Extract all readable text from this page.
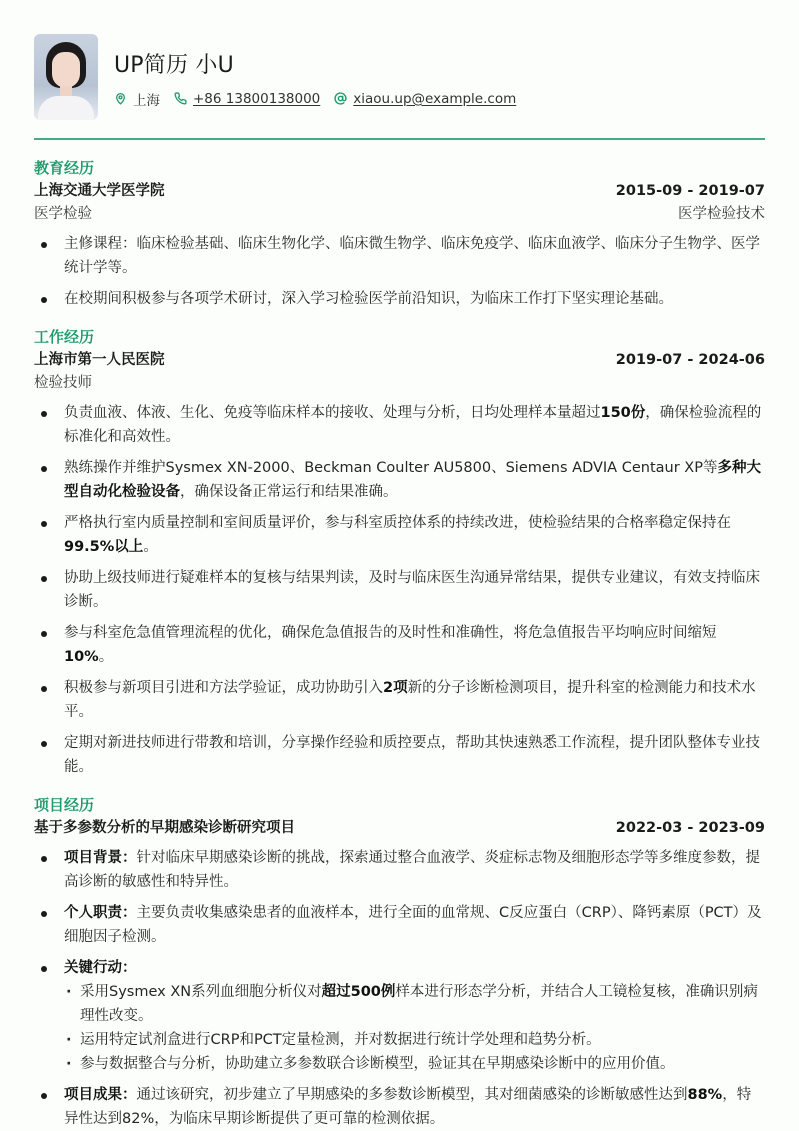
UP简历 小U
上海 +86 13800138000 xiaou.up@example.com
教育经历
上海交通大学医学院	2015-09 - 2019-07
医学检验	医学检验技术
主修课程：临床检验基础、临床生物化学、临床微生物学、临床免疫学、临床血液学、临床分子生物学、医学统计学等。
在校期间积极参与各项学术研讨，深入学习检验医学前沿知识，为临床工作打下坚实理论基础。
工作经历
上海市第一人民医院	2019-07 - 2024-06
检验技师
负责血液、体液、生化、免疫等临床样本的接收、处理与分析，日均处理样本量超过150份，确保检验流程的标准化和高效性。
熟练操作并维护Sysmex XN-2000、Beckman Coulter AU5800、Siemens ADVIA Centaur XP等多种大型自动化检验设备，确保设备正常运行和结果准确。
严格执行室内质量控制和室间质量评价，参与科室质控体系的持续改进，使检验结果的合格率稳定保持在99.5%以上。
协助上级技师进行疑难样本的复核与结果判读，及时与临床医生沟通异常结果，提供专业建议，有效支持临床诊断。
参与科室危急值管理流程的优化，确保危急值报告的及时性和准确性，将危急值报告平均响应时间缩短10%。
积极参与新项目引进和方法学验证，成功协助引入2项新的分子诊断检测项目，提升科室的检测能力和技术水平。
定期对新进技师进行带教和培训，分享操作经验和质控要点，帮助其快速熟悉工作流程，提升团队整体专业技能。
项目经历
基于多参数分析的早期感染诊断研究项目	2022-03 - 2023-09
项目背景：针对临床早期感染诊断的挑战，探索通过整合血液学、炎症标志物及细胞形态学等多维度参数，提高诊断的敏感性和特异性。
个人职责：主要负责收集感染患者的血液样本，进行全面的血常规、C反应蛋白（CRP）、降钙素原（PCT）及细胞因子检测。
关键行动：
· 采用Sysmex XN系列血细胞分析仪对超过500例样本进行形态学分析，并结合人工镜检复核，准确识别病理性改变。
· 运用特定试剂盒进行CRP和PCT定量检测，并对数据进行统计学处理和趋势分析。
· 参与数据整合与分析，协助建立多参数联合诊断模型，验证其在早期感染诊断中的应用价值。
项目成果：通过该研究，初步建立了早期感染的多参数诊断模型，其对细菌感染的诊断敏感性达到88%，特异性达到82%，为临床早期诊断提供了更可靠的检测依据。
